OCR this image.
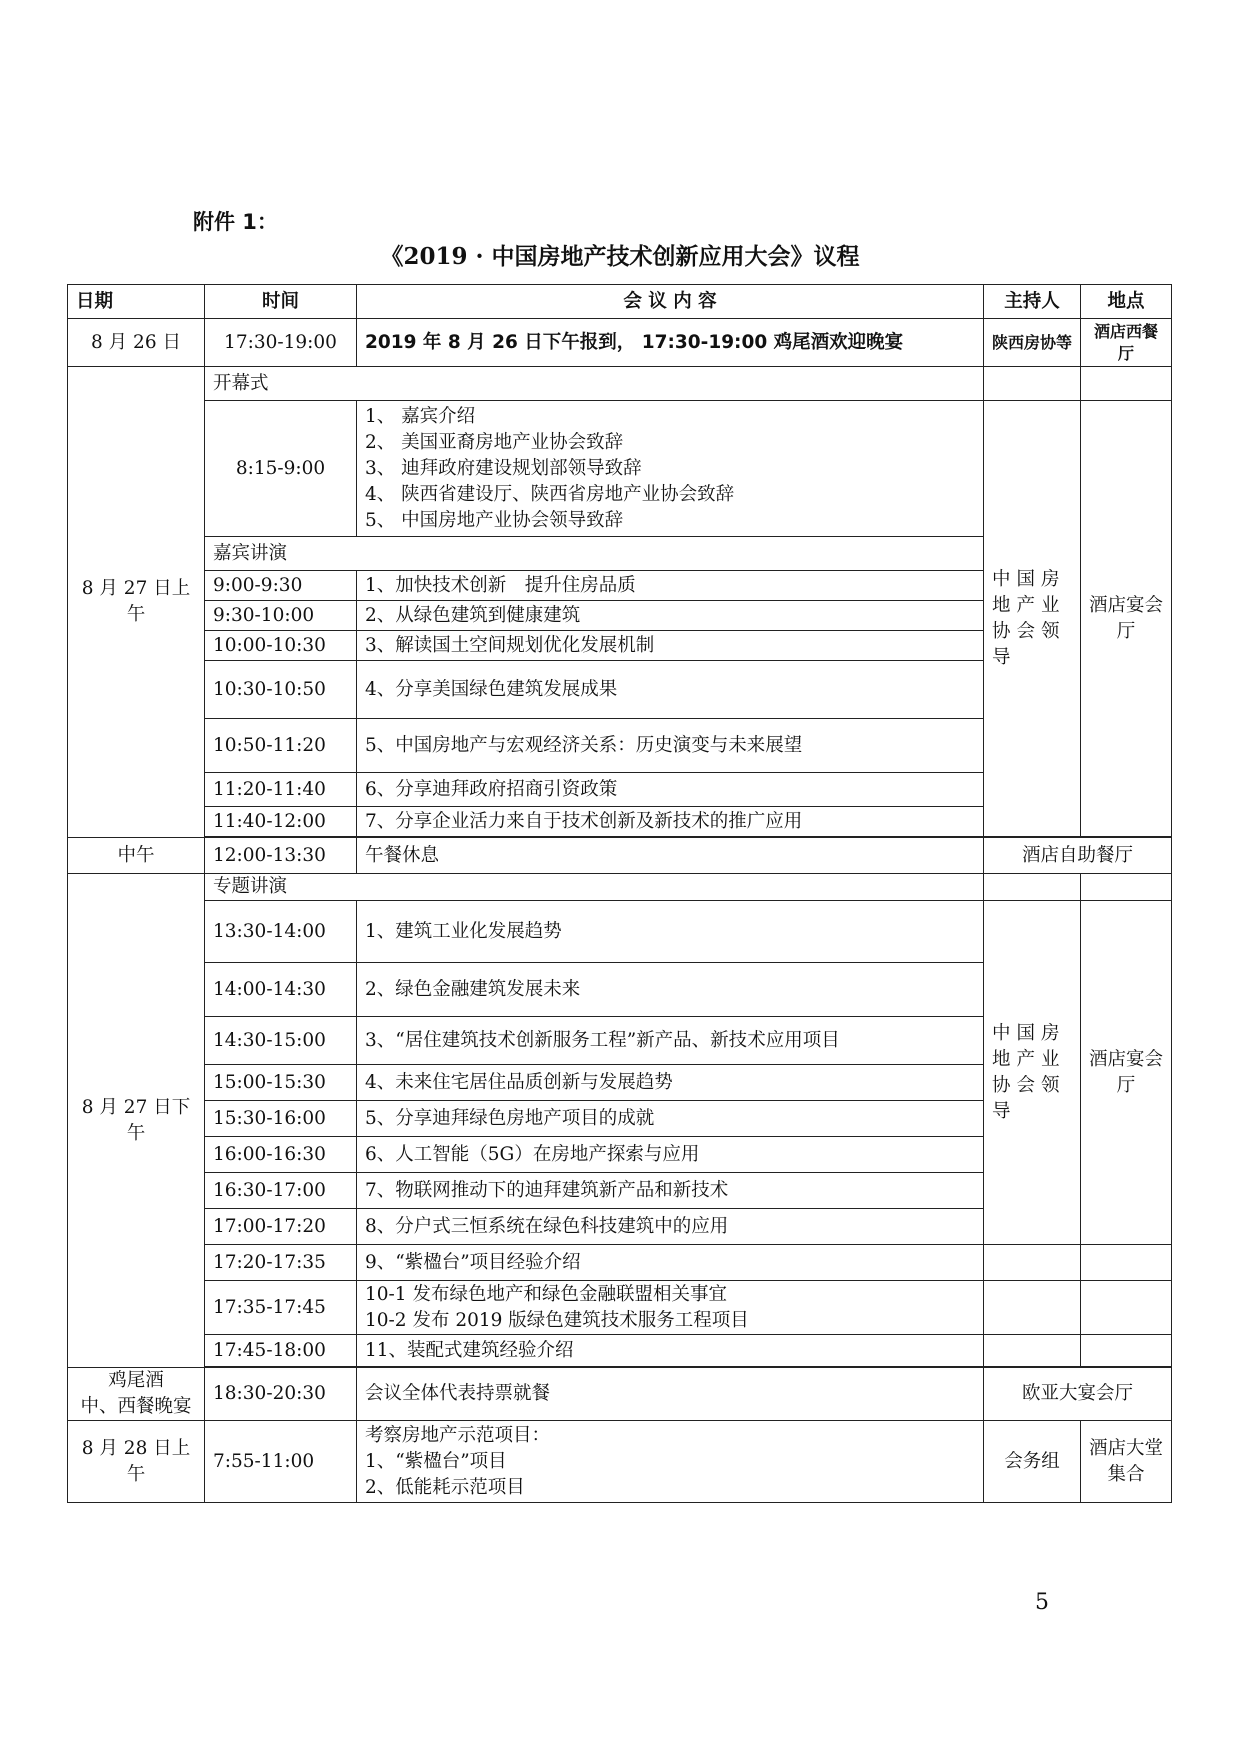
附件 1：
《2019 · 中国房地产技术创新应用大会》议程
日期	时间	会 议 内 容	主持人	地点
8 月 26 日	17:30-19:00	2019 年 8 月 26 日下午报到， 17:30-19:00 鸡尾酒欢迎晚宴	陕西房协等	酒店西餐厅
8 月 27 日上午	开幕式			
	8:15-9:00	1、 嘉宾介绍
2、 美国亚裔房地产业协会致辞
3、 迪拜政府建设规划部领导致辞
4、 陕西省建设厅、陕西省房地产业协会致辞
5、 中国房地产业协会领导致辞	中国房地产业协会领导	酒店宴会厅
	嘉宾讲演			
	9:00-9:30	1、加快技术创新　提升住房品质		
	9:30-10:00	2、从绿色建筑到健康建筑		
	10:00-10:30	3、解读国土空间规划优化发展机制		
	10:30-10:50	4、分享美国绿色建筑发展成果		
	10:50-11:20	5、中国房地产与宏观经济关系：历史演变与未来展望		
	11:20-11:40	6、分享迪拜政府招商引资政策		
	11:40-12:00	7、分享企业活力来自于技术创新及新技术的推广应用		

中午	12:00-13:30	午餐休息	酒店自助餐厅	
8 月 27 日下午	专题讲演			
	13:30-14:00	1、建筑工业化发展趋势	中国房地产业协会领导	酒店宴会厅
	14:00-14:30	2、绿色金融建筑发展未来		
	14:30-15:00	3、“居住建筑技术创新服务工程”新产品、新技术应用项目		
	15:00-15:30	4、未来住宅居住品质创新与发展趋势		
	15:30-16:00	5、分享迪拜绿色房地产项目的成就		
	16:00-16:30	6、人工智能（5G）在房地产探索与应用		
	16:30-17:00	7、物联网推动下的迪拜建筑新产品和新技术		
	17:00-17:20	8、分户式三恒系统在绿色科技建筑中的应用		
	17:20-17:35	9、“紫楹台”项目经验介绍		
	17:35-17:45	10-1 发布绿色地产和绿色金融联盟相关事宜
10-2 发布 2019 版绿色建筑技术服务工程项目		

	17:45-18:00	11、装配式建筑经验介绍		

鸡尾酒
中、西餐晚宴	18:30-20:30	会议全体代表持票就餐	欧亚大宴会厅	
8 月 28 日上午	7:55-11:00	考察房地产示范项目：
1、“紫楹台”项目
2、低能耗示范项目	会务组	酒店大堂集合
5
